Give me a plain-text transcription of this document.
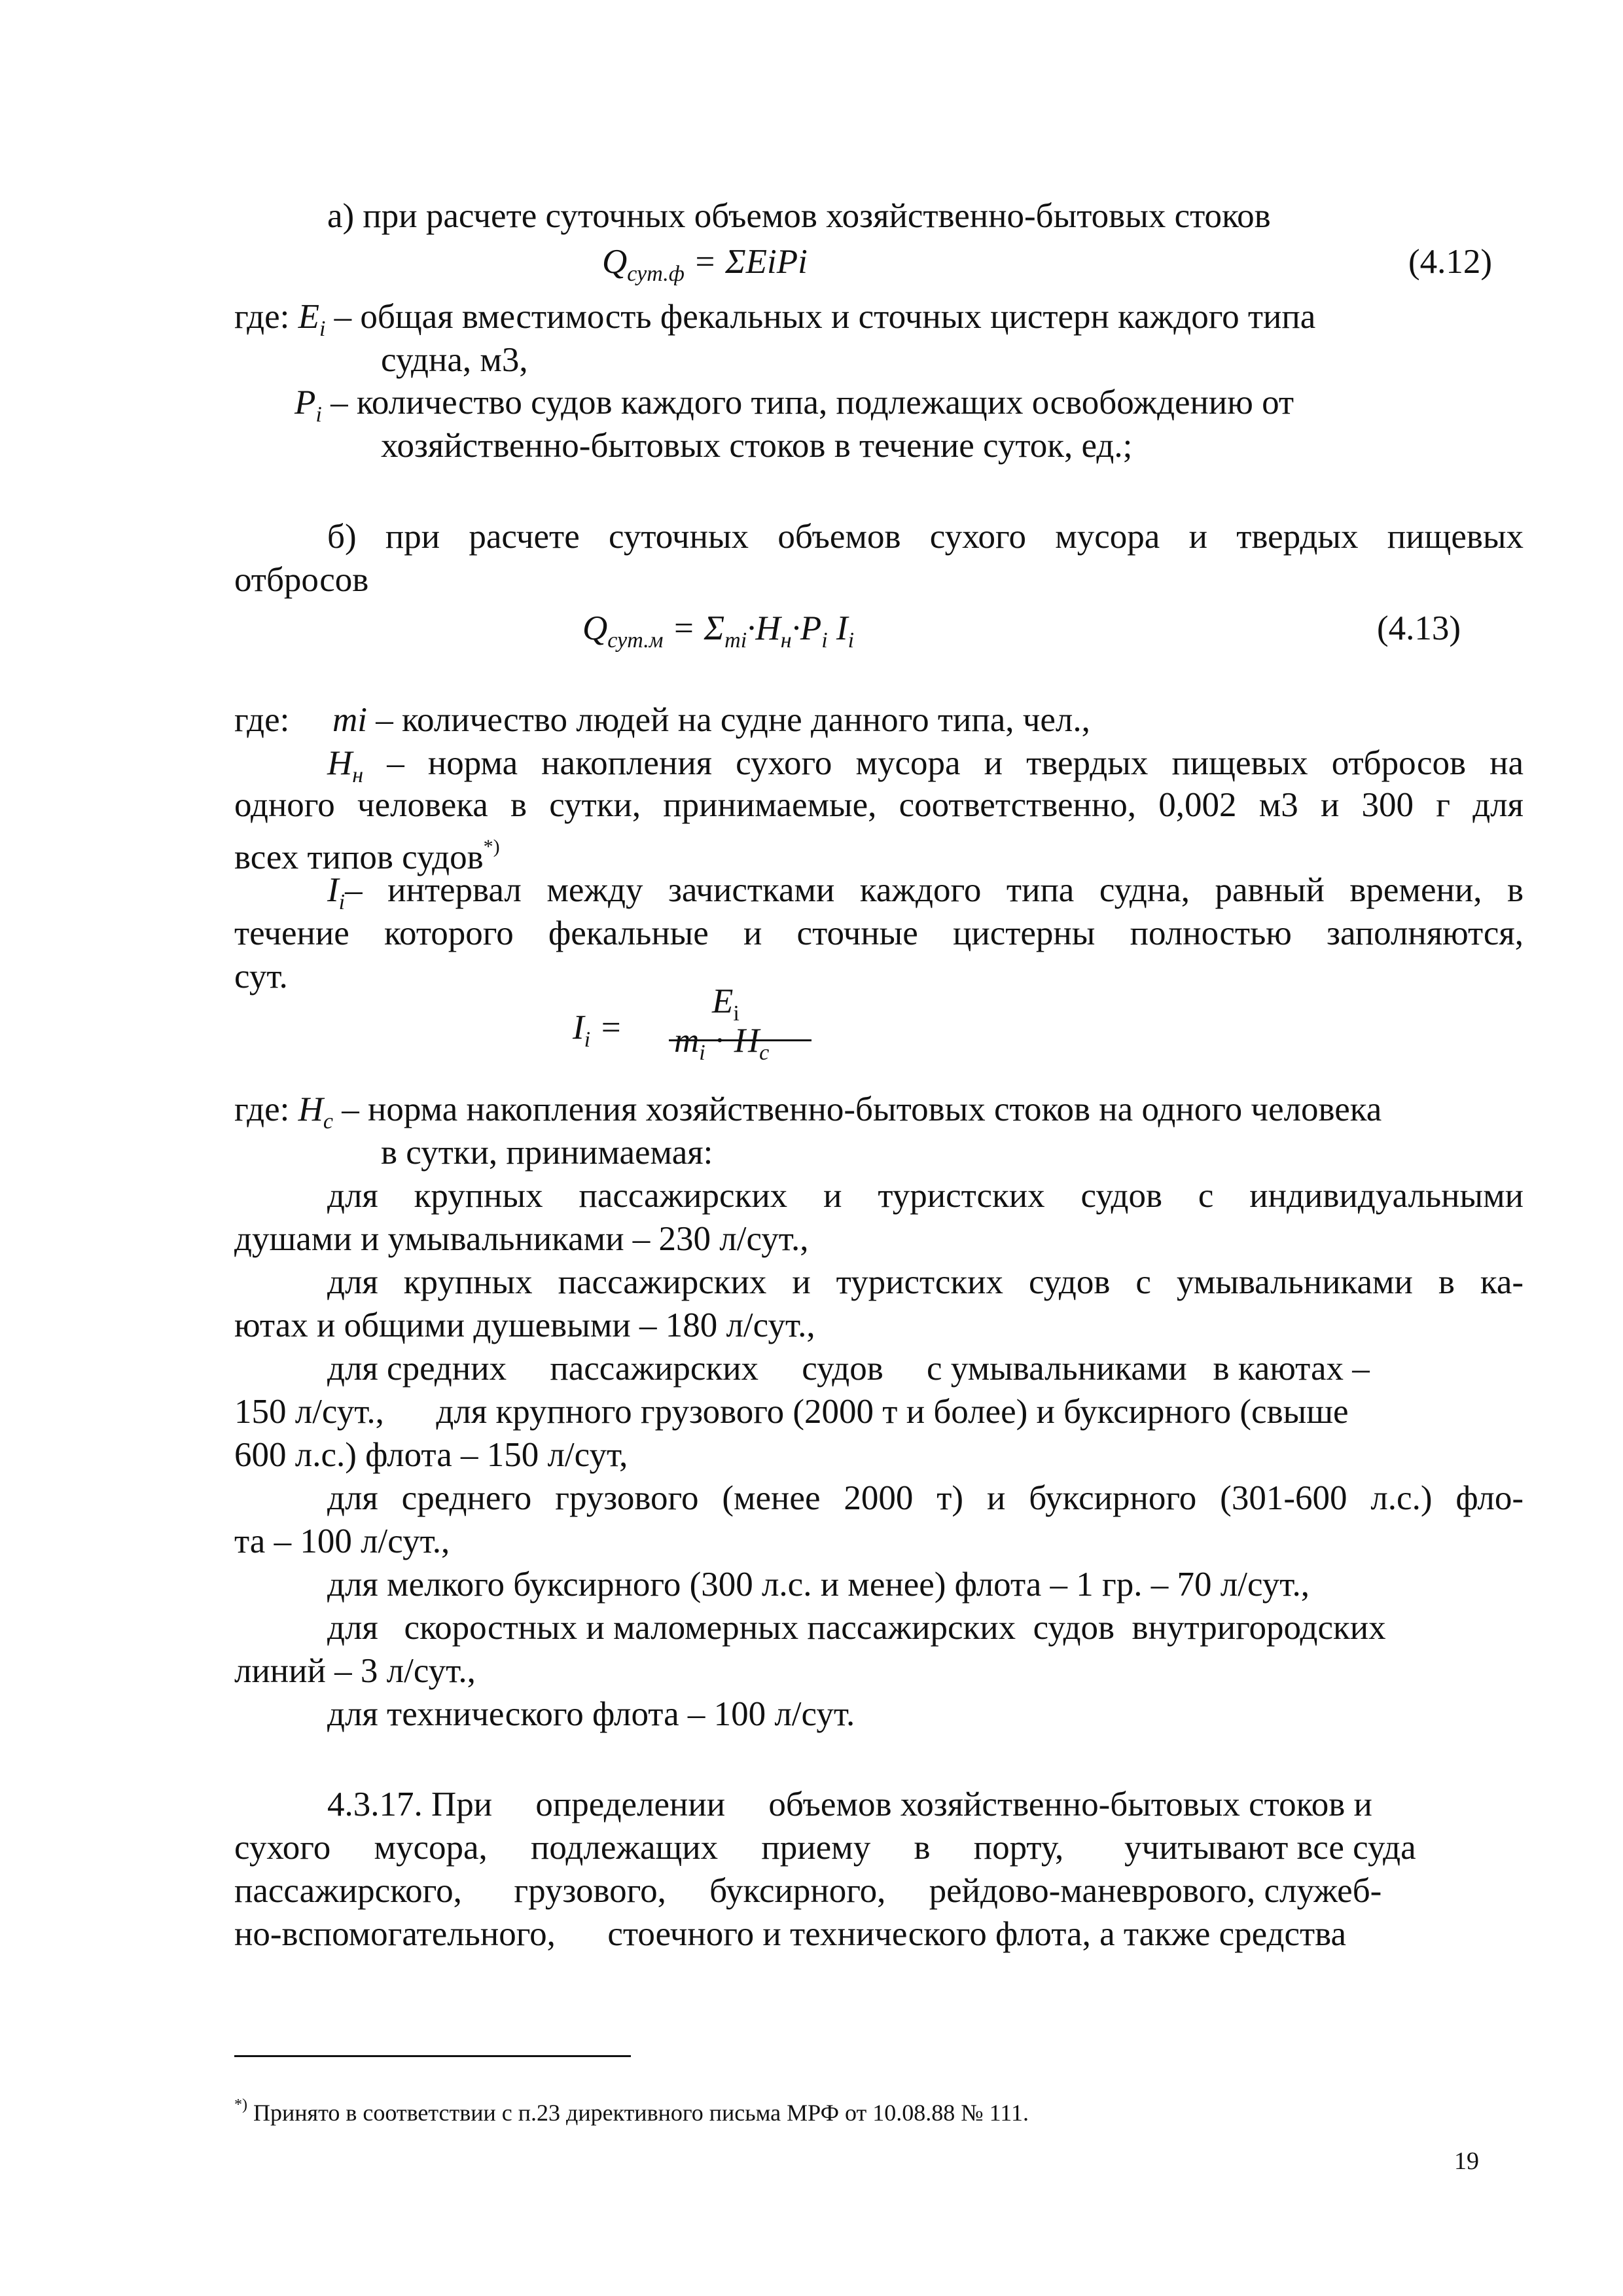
а) при расчете суточных объемов хозяйственно-бытовых стоков
$Q_{сут.ф}$ = ΣEiPi	(4.12)
где: $E_i$ – общая вместимость фекальных и сточных цистерн каждого типа
судна, м3,
$P_i$ – количество судов каждого типа, подлежащих освобождению от
хозяйственно-бытовых стоков в течение суток, ед.;
б) при расчете суточных объемов сухого мусора и твердых пищевых
отбросов
$Q_{сут.м} = \Sigma_{mi}\cdot Н_н\cdot P_i$ $I_i$	(4.13)
где: mi – количество людей на судне данного типа, чел.,
$Н_н$ – норма накопления сухого мусора и твердых пищевых отбросов на
одного человека в сутки, принимаемые, соответственно, 0,002 м3 и 300 г для
всех типов судов*)
$I_i-$ интервал между зачистками каждого типа судна, равный времени, в
течение которого фекальные и сточные цистерны полностью заполняются,
сут.
$I_i$ =
$E_i$
$m_i \cdot H_c$
где: $Н_с$ – норма накопления хозяйственно-бытовых стоков на одного человека
в сутки, принимаемая:
для крупных пассажирских и туристских судов с индивидуальными
душами и умывальниками – 230 л/сут.,
для крупных пассажирских и туристских судов с умывальниками в ка-
ютах и общими душевыми – 180 л/сут.,
для средних     пассажирских     судов     с умывальниками   в каютах –
150 л/сут.,      для крупного грузового (2000 т и более) и буксирного (свыше
600 л.с.) флота – 150 л/сут,
для среднего грузового (менее 2000 т) и буксирного (301-600 л.с.) фло-
та – 100 л/сут.,
для мелкого буксирного (300 л.с. и менее) флота – 1 гр. – 70 л/сут.,
для   скоростных и маломерных пассажирских  судов  внутригородских
линий – 3 л/сут.,
для технического флота – 100 л/сут.
4.3.17. При     определении     объемов хозяйственно-бытовых стоков и
сухого     мусора,     подлежащих     приему     в     порту,       учитывают все суда
пассажирского,      грузового,     буксирного,     рейдово-маневрового, служеб-
но-вспомогательного,      стоечного и технического флота, а также средства
*) Принято в соответствии с п.23 директивного письма МРФ от 10.08.88 № 111.
19
